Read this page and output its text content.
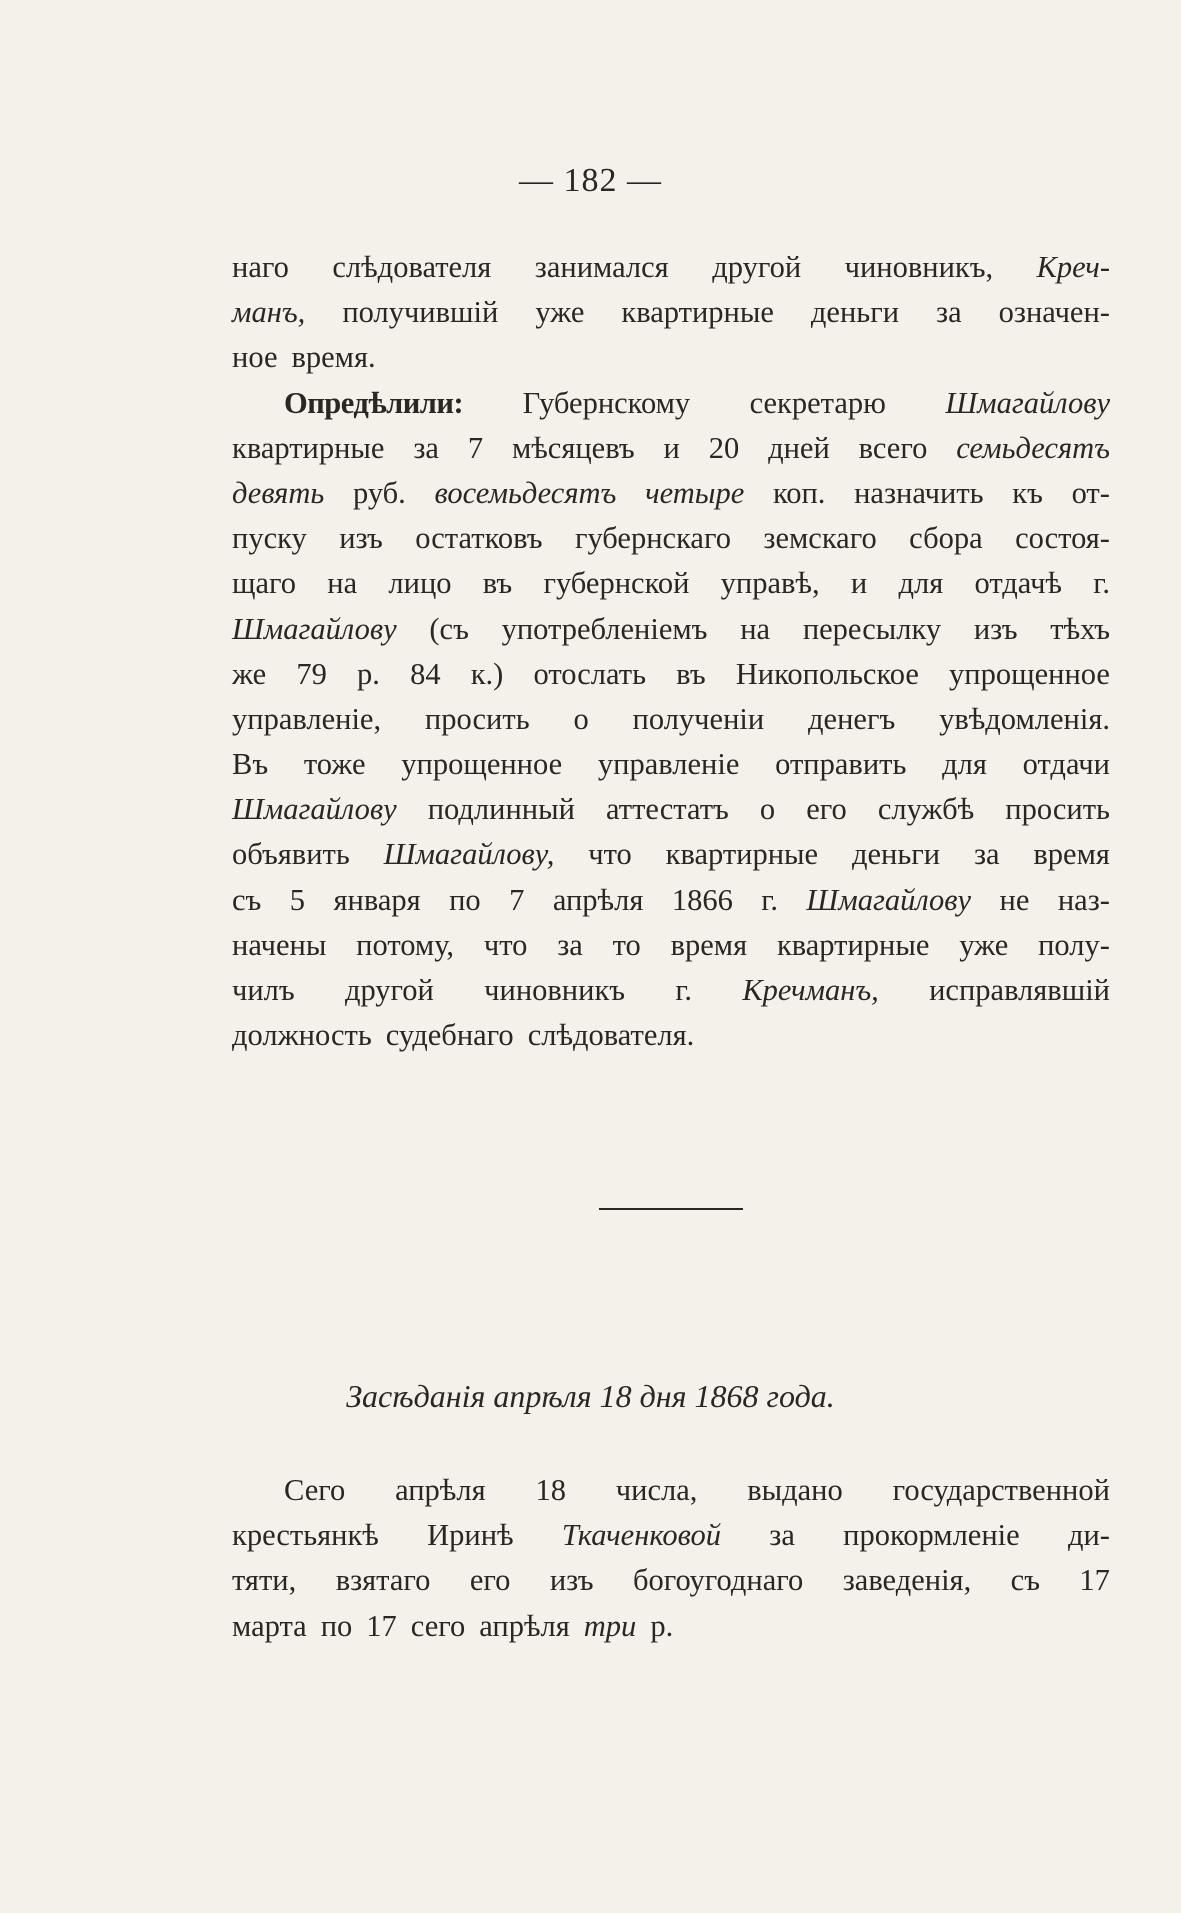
— 182 —
наго слѣдователя занимался другой чиновникъ, Креч-
манъ, получившій уже квартирные деньги за означен-
ное время.
Опредѣлили: Губернскому секретарю Шмагайлову
квартирные за 7 мѣсяцевъ и 20 дней всего семьдесятъ
девять руб. восемьдесятъ четыре коп. назначить къ от-
пуску изъ остатковъ губернскаго земскаго сбора состоя-
щаго на лицо въ губернской управѣ, и для отдачѣ г.
Шмагайлову (съ употребленіемъ на пересылку изъ тѣхъ
же 79 р. 84 к.) отослать въ Никопольское упрощенное
управленіе, просить о полученіи денегъ увѣдомленія.
Въ тоже упрощенное управленіе отправить для отдачи
Шмагайлову подлинный аттестатъ о его службѣ просить
объявить Шмагайлову, что квартирные деньги за время
съ 5 января по 7 апрѣля 1866 г. Шмагайлову не наз-
начены потому, что за то время квартирные уже полу-
чилъ другой чиновникъ г. Кречманъ, исправлявшій
должность судебнаго слѣдователя.
Засѣданія апрѣля 18 дня 1868 года.
Сего апрѣля 18 числа, выдано государственной
крестьянкѣ Иринѣ Ткаченковой за прокормленіе ди-
тяти, взятаго его изъ богоугоднаго заведенія, съ 17
марта по 17 сего апрѣля три р.
